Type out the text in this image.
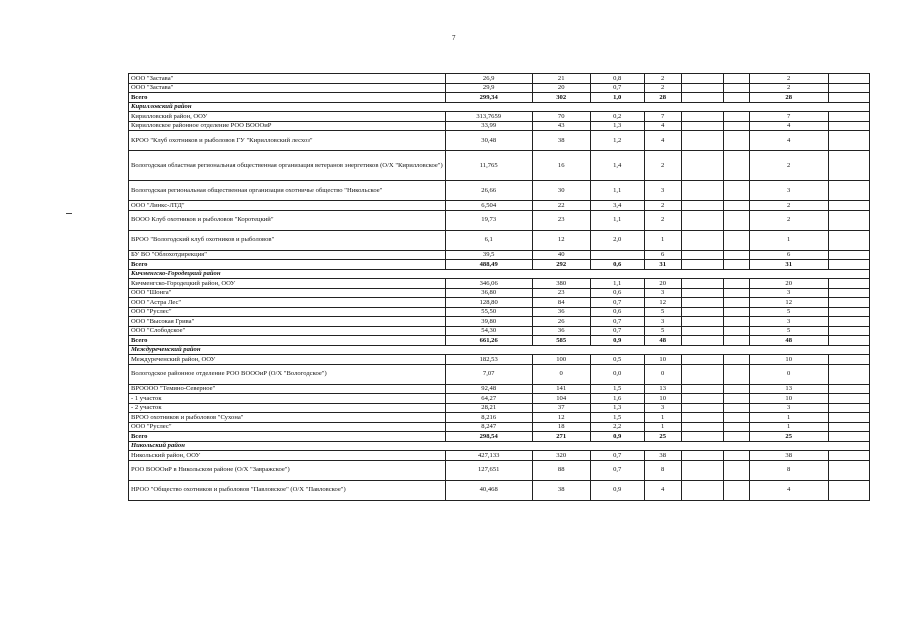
7
ООО "Застава"	26,9	21	0,8	2			2	
ООО "Застава"	29,9	20	0,7	2			2	
Всего	299,34	302	1,0	28			28	
Кирилловский район								
Кирилловский район, ООУ	313,7659	70	0,2	7			7	
Кирилловское районное отделение РОО ВОООиР	33,99	43	1,3	4			4	
КРОО "Клуб охотников и рыболовов ГУ "Кирилловский лесхоз"	30,48	38	1,2	4			4	
Вологодская областная региональная общественная организация ветеранов энергетиков (О/Х "Кирилловское")	11,765	16	1,4	2			2	
Вологодская региональная общественная организация охотничье общество "Никольское"	26,66	30	1,1	3			3	
ООО "Линкс-ЛТД"	6,504	22	3,4	2			2	
ВООО Клуб охотников и рыболовов "Коротецкий"	19,73	23	1,1	2			2	
ВРОО "Вологодский клуб охотников и рыболовов"	6,1	12	2,0	1			1	
БУ ВО "Облохотдирекция"	39,5	40		6			6	
Всего	488,49	292	0,6	31			31	
Кичменгско-Городецкий район								
Кичменгско-Городецкий район, ООУ	346,06	380	1,1	20			20	
ООО "Шонга"	36,80	23	0,6	3			3	
ООО "Астра Лес"	128,80	84	0,7	12			12	
ООО "Руслес"	55,50	36	0,6	5			5	
ООО "Высокая Грива"	39,80	26	0,7	3			3	
ООО "Слободское"	54,30	36	0,7	5			5	
Всего	661,26	585	0,9	48			48	
Междуреченский район								
Междуреченский район, ООУ	182,53	100	0,5	10			10	
Вологодское районное отделение РОО ВОООиР (О/Х "Вологодское")	7,07	0	0,0	0			0	
ВРОООО "Темино-Северное"	92,48	141	1,5	13			13	
- 1 участок	64,27	104	1,6	10			10	
- 2 участок	28,21	37	1,3	3			3	
ВРОО охотников и рыболовов "Сухона"	8,216	12	1,5	1			1	
ООО "Руслес"	8,247	18	2,2	1			1	
Всего	298,54	271	0,9	25			25	
Никольский район								
Никольский район, ООУ	427,133	320	0,7	38			38	
РОО ВОООиР в Никольском районе (О/Х "Завражское")	127,651	88	0,7	8			8	
НРОО "Общество охотников и рыболовов "Павловское" (О/Х "Павловское")	40,468	38	0,9	4			4	
